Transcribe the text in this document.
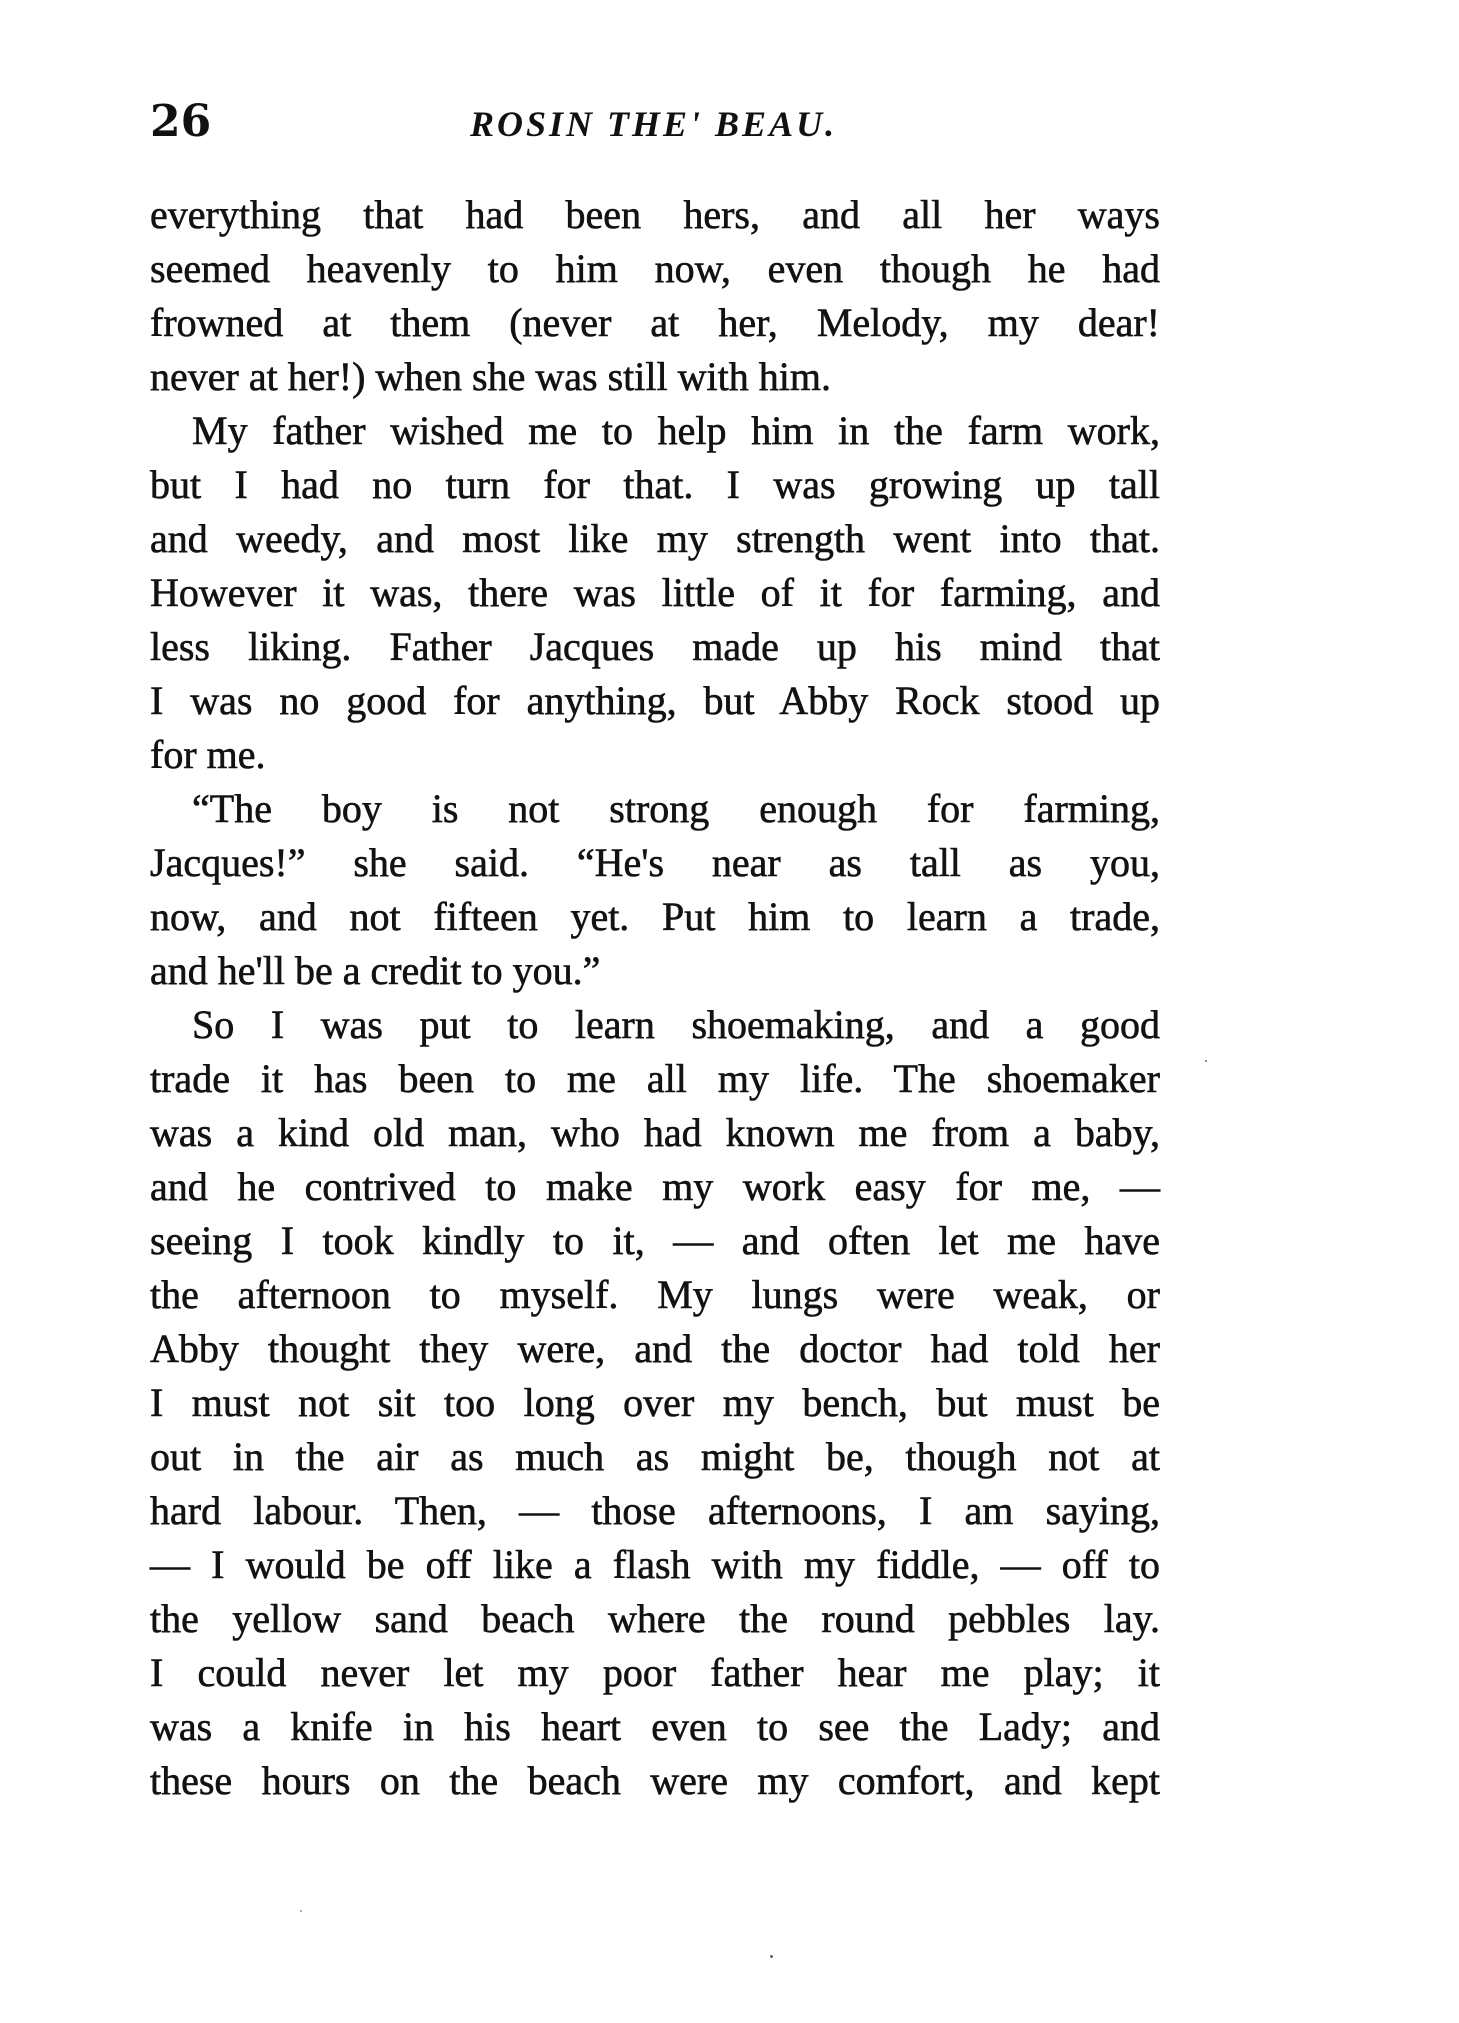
26	ROSIN THE' BEAU.
everything that had been hers, and all her ways
seemed heavenly to him now, even though he had
frowned at them (never at her, Melody, my dear!
never at her!) when she was still with him.
My father wished me to help him in the farm work,
but I had no turn for that. I was growing up tall
and weedy, and most like my strength went into that.
However it was, there was little of it for farming, and
less liking. Father Jacques made up his mind that
I was no good for anything, but Abby Rock stood up
for me.
“The boy is not strong enough for farming,
Jacques!” she said. “He's near as tall as you,
now, and not fifteen yet. Put him to learn a trade,
and he'll be a credit to you.”
So I was put to learn shoemaking, and a good
trade it has been to me all my life. The shoemaker
was a kind old man, who had known me from a baby,
and he contrived to make my work easy for me, —
seeing I took kindly to it, — and often let me have
the afternoon to myself. My lungs were weak, or
Abby thought they were, and the doctor had told her
I must not sit too long over my bench, but must be
out in the air as much as might be, though not at
hard labour. Then, — those afternoons, I am saying,
— I would be off like a flash with my fiddle, — off to
the yellow sand beach where the round pebbles lay.
I could never let my poor father hear me play; it
was a knife in his heart even to see the Lady; and
these hours on the beach were my comfort, and kept
